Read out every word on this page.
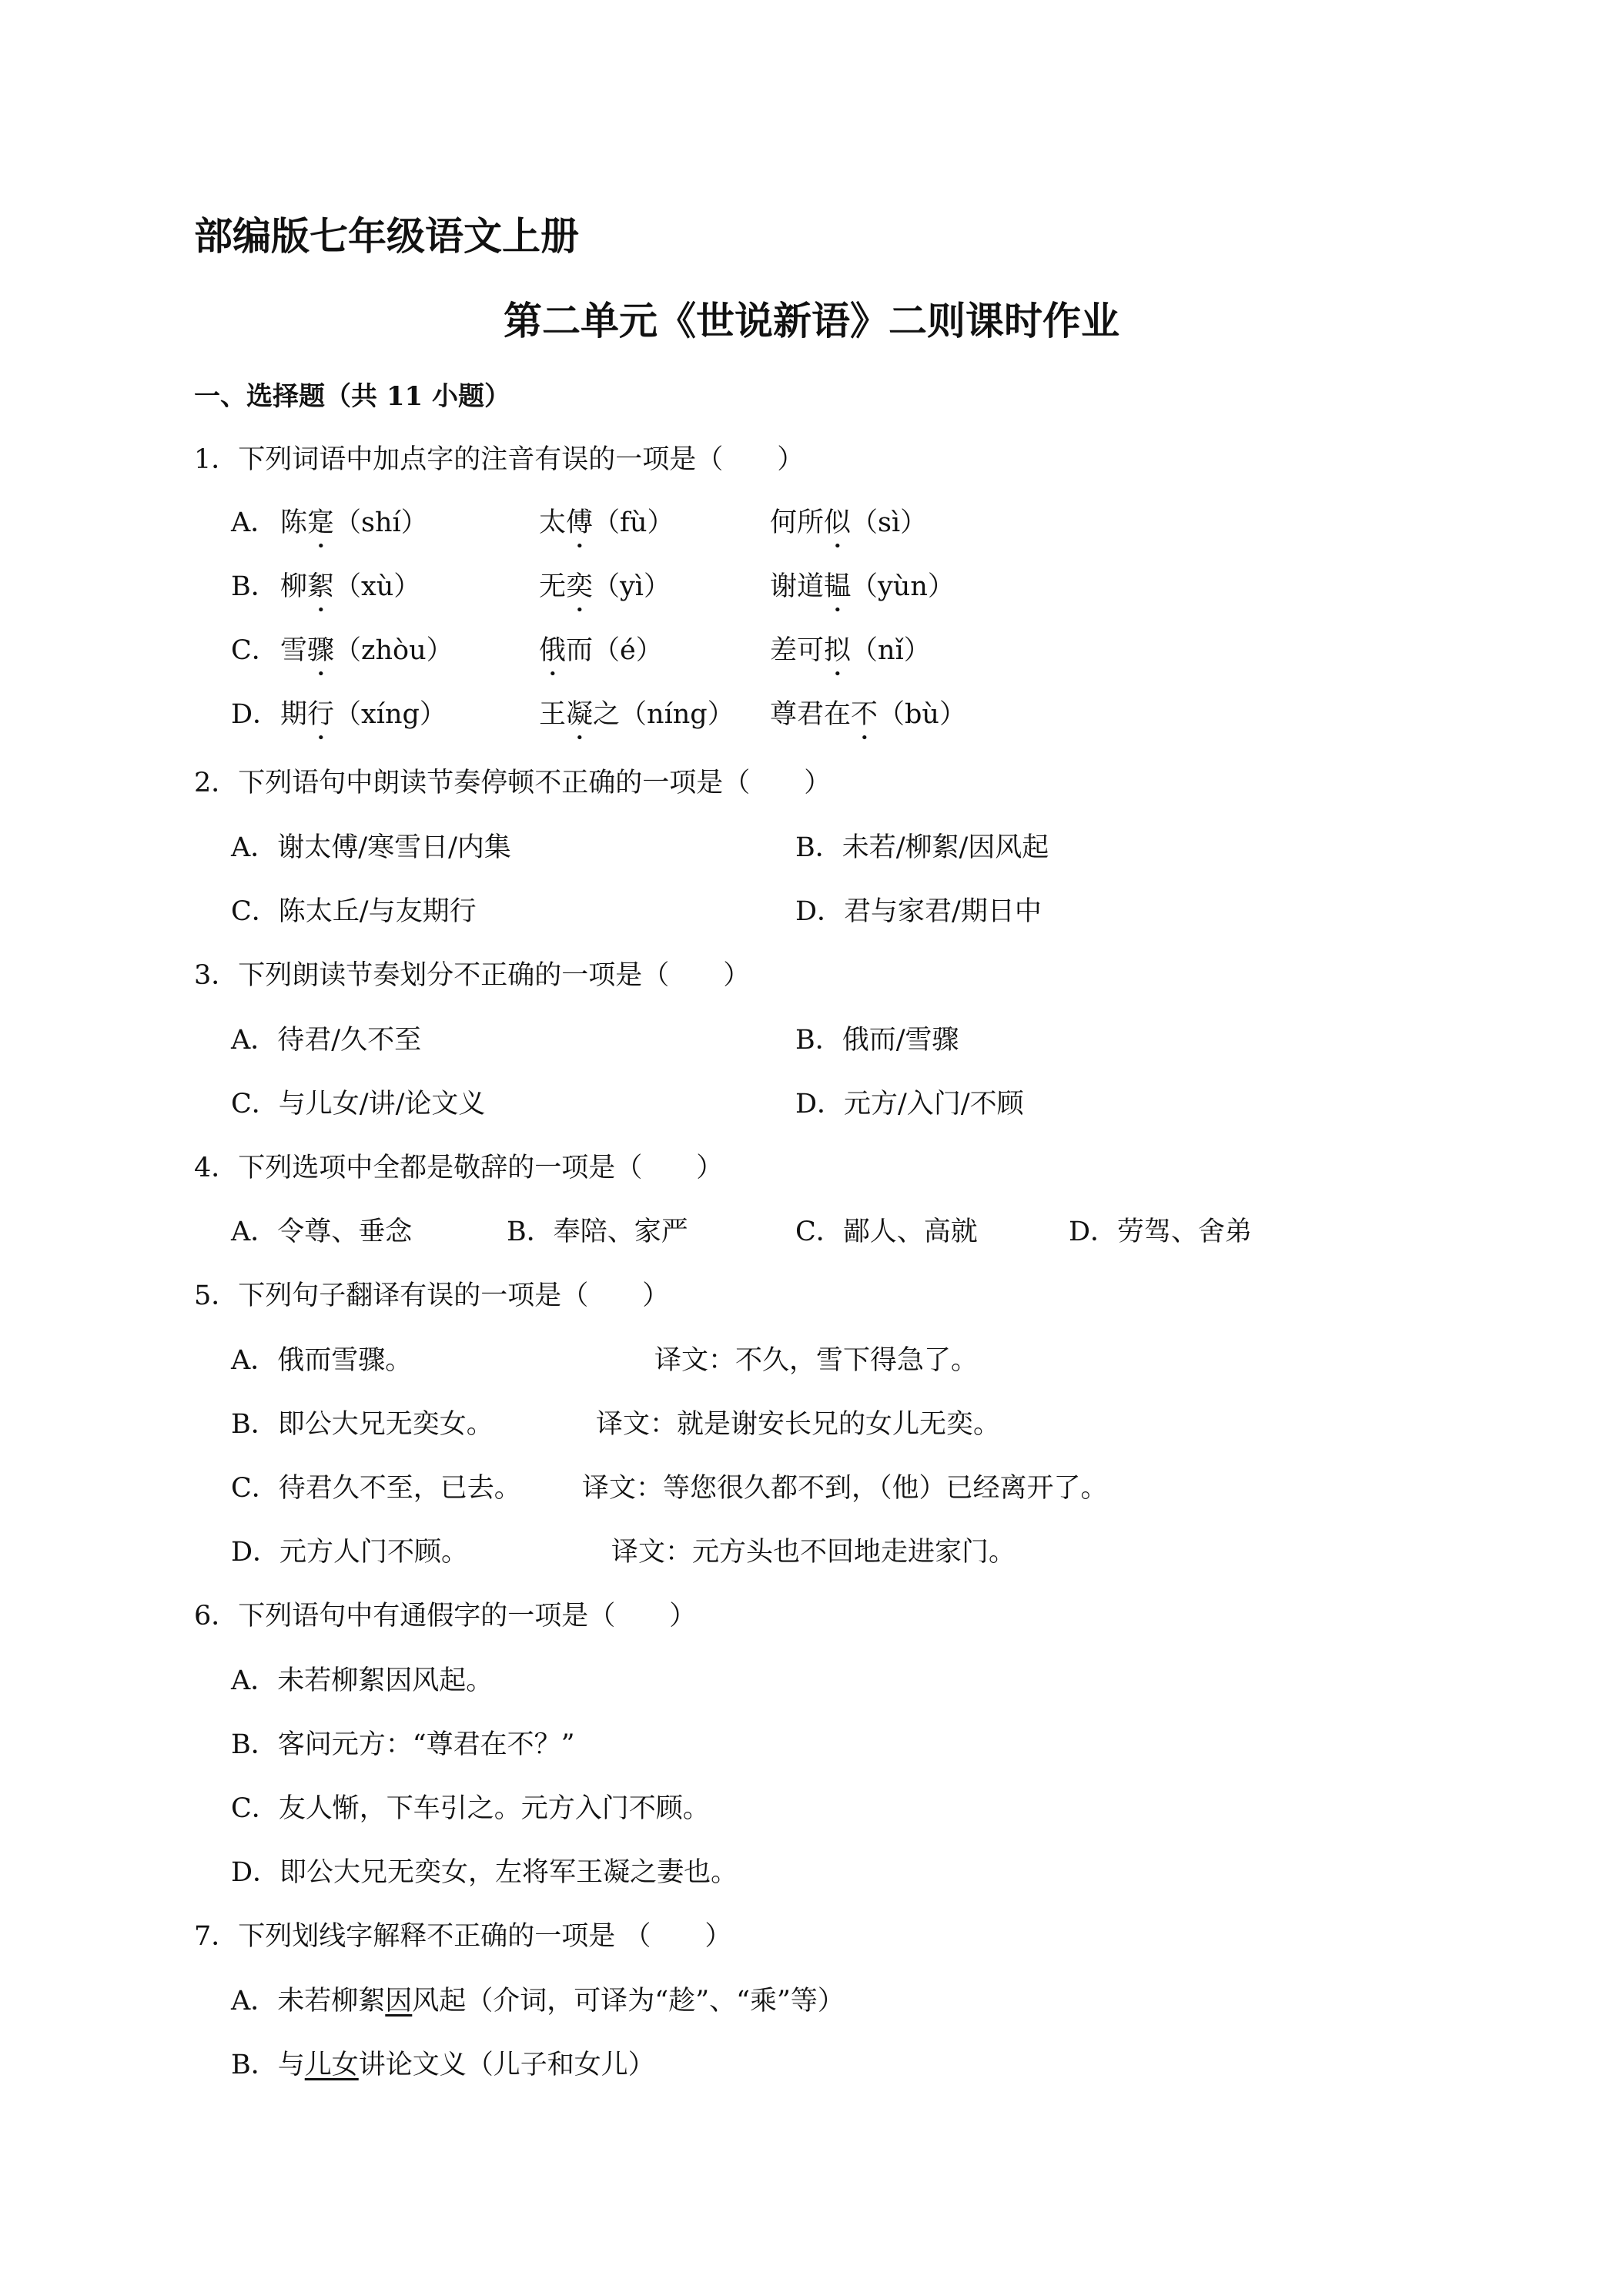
部编版七年级语文上册
第二单元《世说新语》二则课时作业
一、选择题（共 11 小题）
1．下列词语中加点字的注音有误的一项是（　　）
A． 陈寔（shí）	太傅（fù）	何所似（sì）
B． 柳絮（xù）	无奕（yì）	谢道韫（yùn）
C． 雪骤（zhòu）	俄而（é）	差可拟（nǐ）
D． 期行（xíng）	王凝之（níng） 尊君在不（bù）
2．下列语句中朗读节奏停顿不正确的一项是（　　）
A．谢太傅/寒雪日/内集	B．未若/柳絮/因风起
C．陈太丘/与友期行	D．君与家君/期日中
3．下列朗读节奏划分不正确的一项是（　　）
A．待君/久不至	B．俄而/雪骤
C．与儿女/讲/论文义	D．元方/入门/不顾
4．下列选项中全都是敬辞的一项是（　　）
A．令尊、垂念	B．奉陪、家严	C．鄙人、高就	D．劳驾、舍弟
5．下列句子翻译有误的一项是（　　）
A．俄而雪骤。	译文：不久，雪下得急了。
B．即公大兄无奕女。	译文：就是谢安长兄的女儿无奕。
C．待君久不至，已去。 译文：等您很久都不到，（他）已经离开了。
D．元方人门不顾。	译文：元方头也不回地走进家门。
6．下列语句中有通假字的一项是（　　）
A．未若柳絮因风起。
B．客问元方：“尊君在不？”
C．友人惭，下车引之。元方入门不顾。
D．即公大兄无奕女，左将军王凝之妻也。
7．下列划线字解释不正确的一项是 （　　）
A．未若柳絮因风起（介词，可译为“趁”、“乘”等）
B．与儿女讲论文义（儿子和女儿）
